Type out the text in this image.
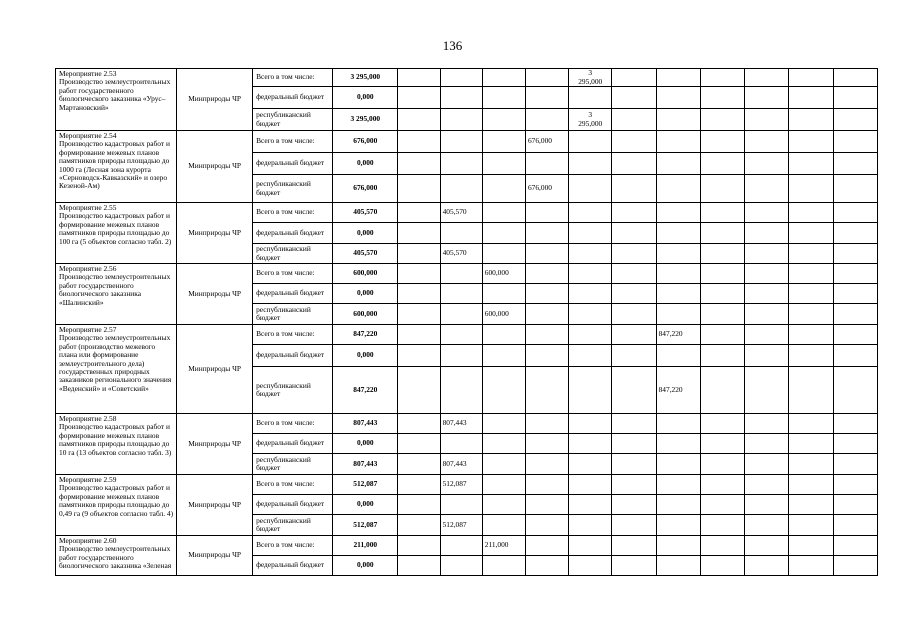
136
Мероприятие 2.53
Производство землеустроительных работ государственного биологического заказника «Урус–Мартановский»	Минприроды ЧР	Всего в том числе:	3 295,000					3
295,000						
		федеральный бюджет	0,000											
		республиканский бюджет	3 295,000					3
295,000						
Мероприятие 2.54
Производство кадастровых работ и формирование межевых планов памятников природы площадью до 1000 га (Лесная зона курорта «Серноводск-Кавказский» и озеро Кезеной-Ам)	Минприроды ЧР	Всего в том числе:	676,000				676,000							
		федеральный бюджет	0,000											
		республиканский бюджет	676,000				676,000							
Мероприятие 2.55
Производство кадастровых работ и формирование межевых планов памятников природы площадью до 100 га (5 объектов согласно табл. 2)	Минприроды ЧР	Всего в том числе:	405,570		405,570									
		федеральный бюджет	0,000											
		республиканский бюджет	405,570		405,570									
Мероприятие 2.56
Производство землеустроительных работ государственного биологического заказника «Шалинский»	Минприроды ЧР	Всего в том числе:	600,000			600,000								
		федеральный бюджет	0,000											
		республиканский бюджет	600,000			600,000								
Мероприятие 2.57
Производство землеустроительных работ (производство межевого плана или формирование землеустроительного дела) государственных природных заказников регионального значения «Веденский» и «Советский»	Минприроды ЧР	Всего в том числе:	847,220							847,220				
		федеральный бюджет	0,000											
		республиканский бюджет	847,220							847,220				
Мероприятие 2.58
Производство кадастровых работ и формирование межевых планов памятников природы площадью до 10 га (13 объектов согласно табл. 3)	Минприроды ЧР	Всего в том числе:	807,443		807,443									
		федеральный бюджет	0,000											
		республиканский бюджет	807,443		807,443									
Мероприятие 2.59
Производство кадастровых работ и формирование межевых планов памятников природы площадью до 0,49 га (9 объектов согласно табл. 4)	Минприроды ЧР	Всего в том числе:	512,087		512,087									
		федеральный бюджет	0,000											
		республиканский бюджет	512,087		512,087									
Мероприятие 2.60
Производство землеустроительных работ государственного биологического заказника «Зеленая	Минприроды ЧР	Всего в том числе:	211,000			211,000								
		федеральный бюджет	0,000											
